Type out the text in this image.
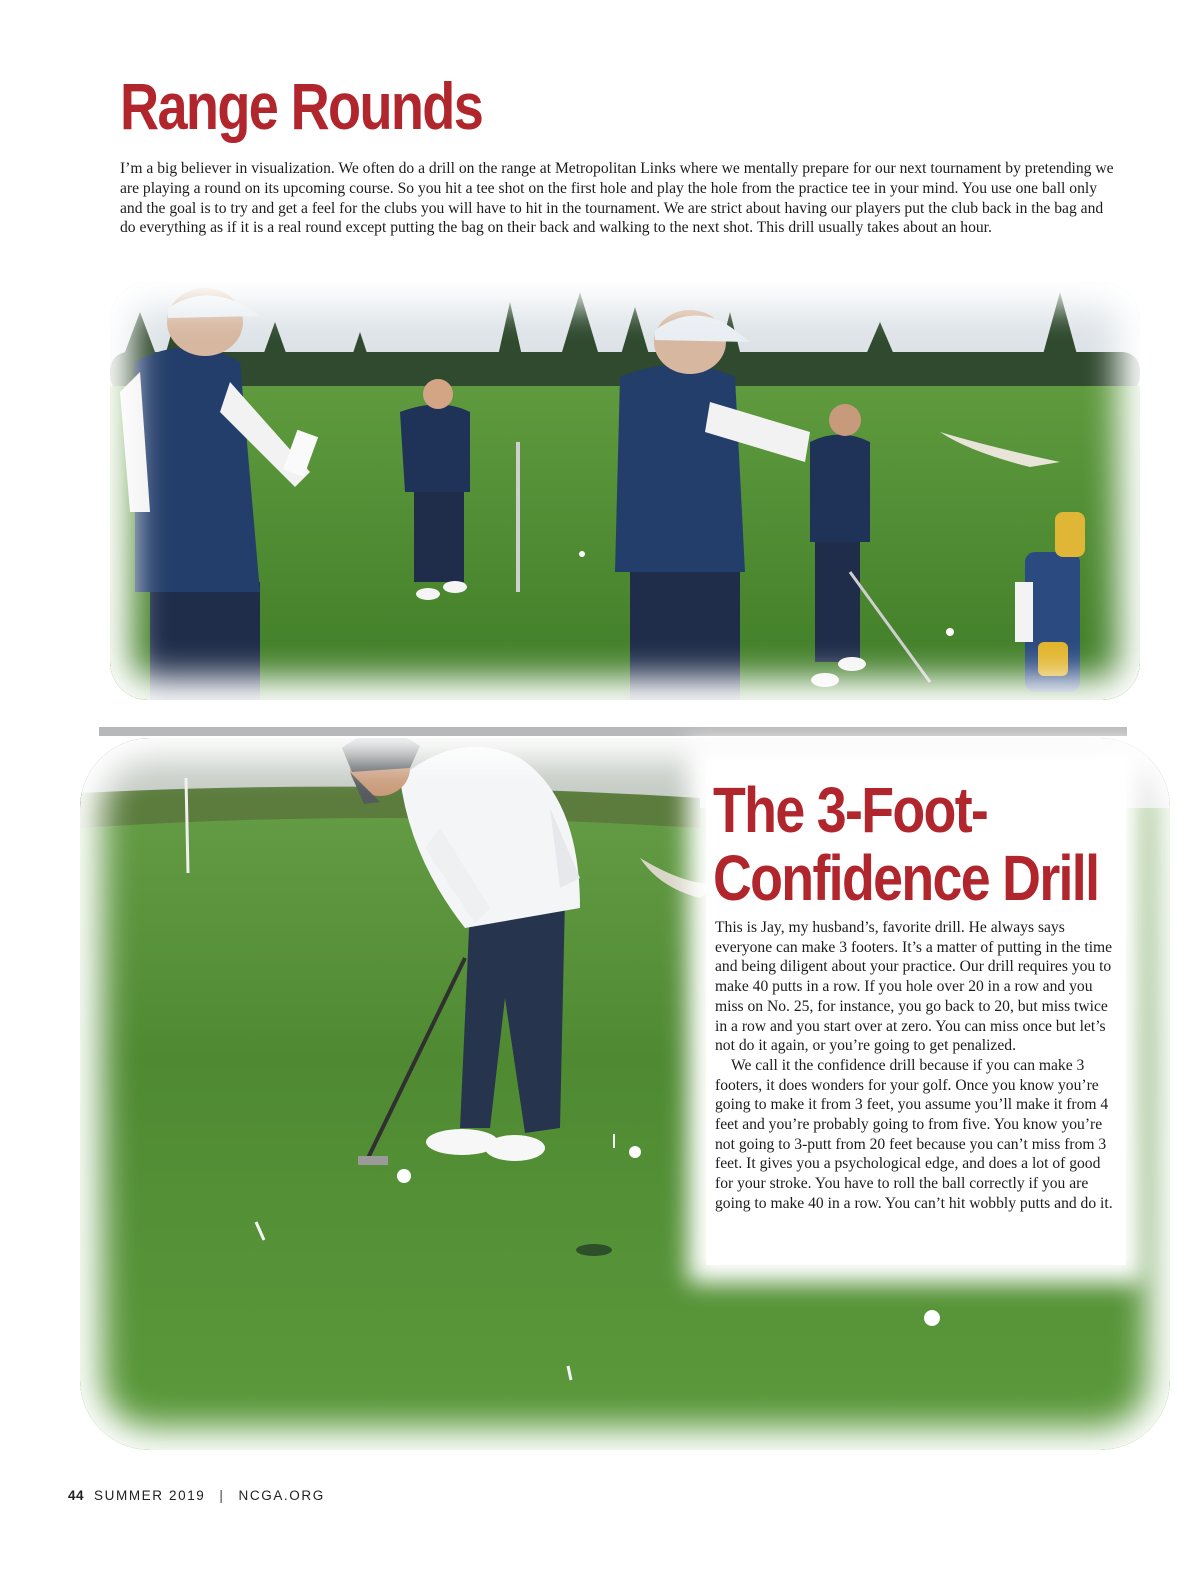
Range Rounds

I’m a big believer in visualization. We often do a drill on the range at Metropolitan Links where we mentally prepare for our next tournament by pretending we are playing a round on its upcoming course. So you hit a tee shot on the first hole and play the hole from the practice tee in your mind. You use one ball only and the goal is to try and get a feel for the clubs you will have to hit in the tournament. We are strict about having our players put the club back in the bag and do everything as if it is a real round except putting the bag on their back and walking to the next shot. This drill usually takes about an hour.

The 3-Foot-
Confidence Drill

This is Jay, my husband’s, favorite drill. He always says everyone can make 3 footers. It’s a matter of putting in the time and being diligent about your practice. Our drill requires you to make 40 putts in a row. If you hole over 20 in a row and you miss on No. 25, for instance, you go back to 20, but miss twice in a row and you start over at zero. You can miss once but let’s not do it again, or you’re going to get penalized.

We call it the confidence drill because if you can make 3 footers, it does wonders for your golf. Once you know you’re going to make it from 3 feet, you assume you’ll make it from 4 feet and you’re probably going to from five. You know you’re not going to 3-putt from 20 feet because you can’t miss from 3 feet. It gives you a psychological edge, and does a lot of good for your stroke. You have to roll the ball correctly if you are going to make 40 in a row. You can’t hit wobbly putts and do it.

44 SUMMER 2019 | NCGA.ORG
